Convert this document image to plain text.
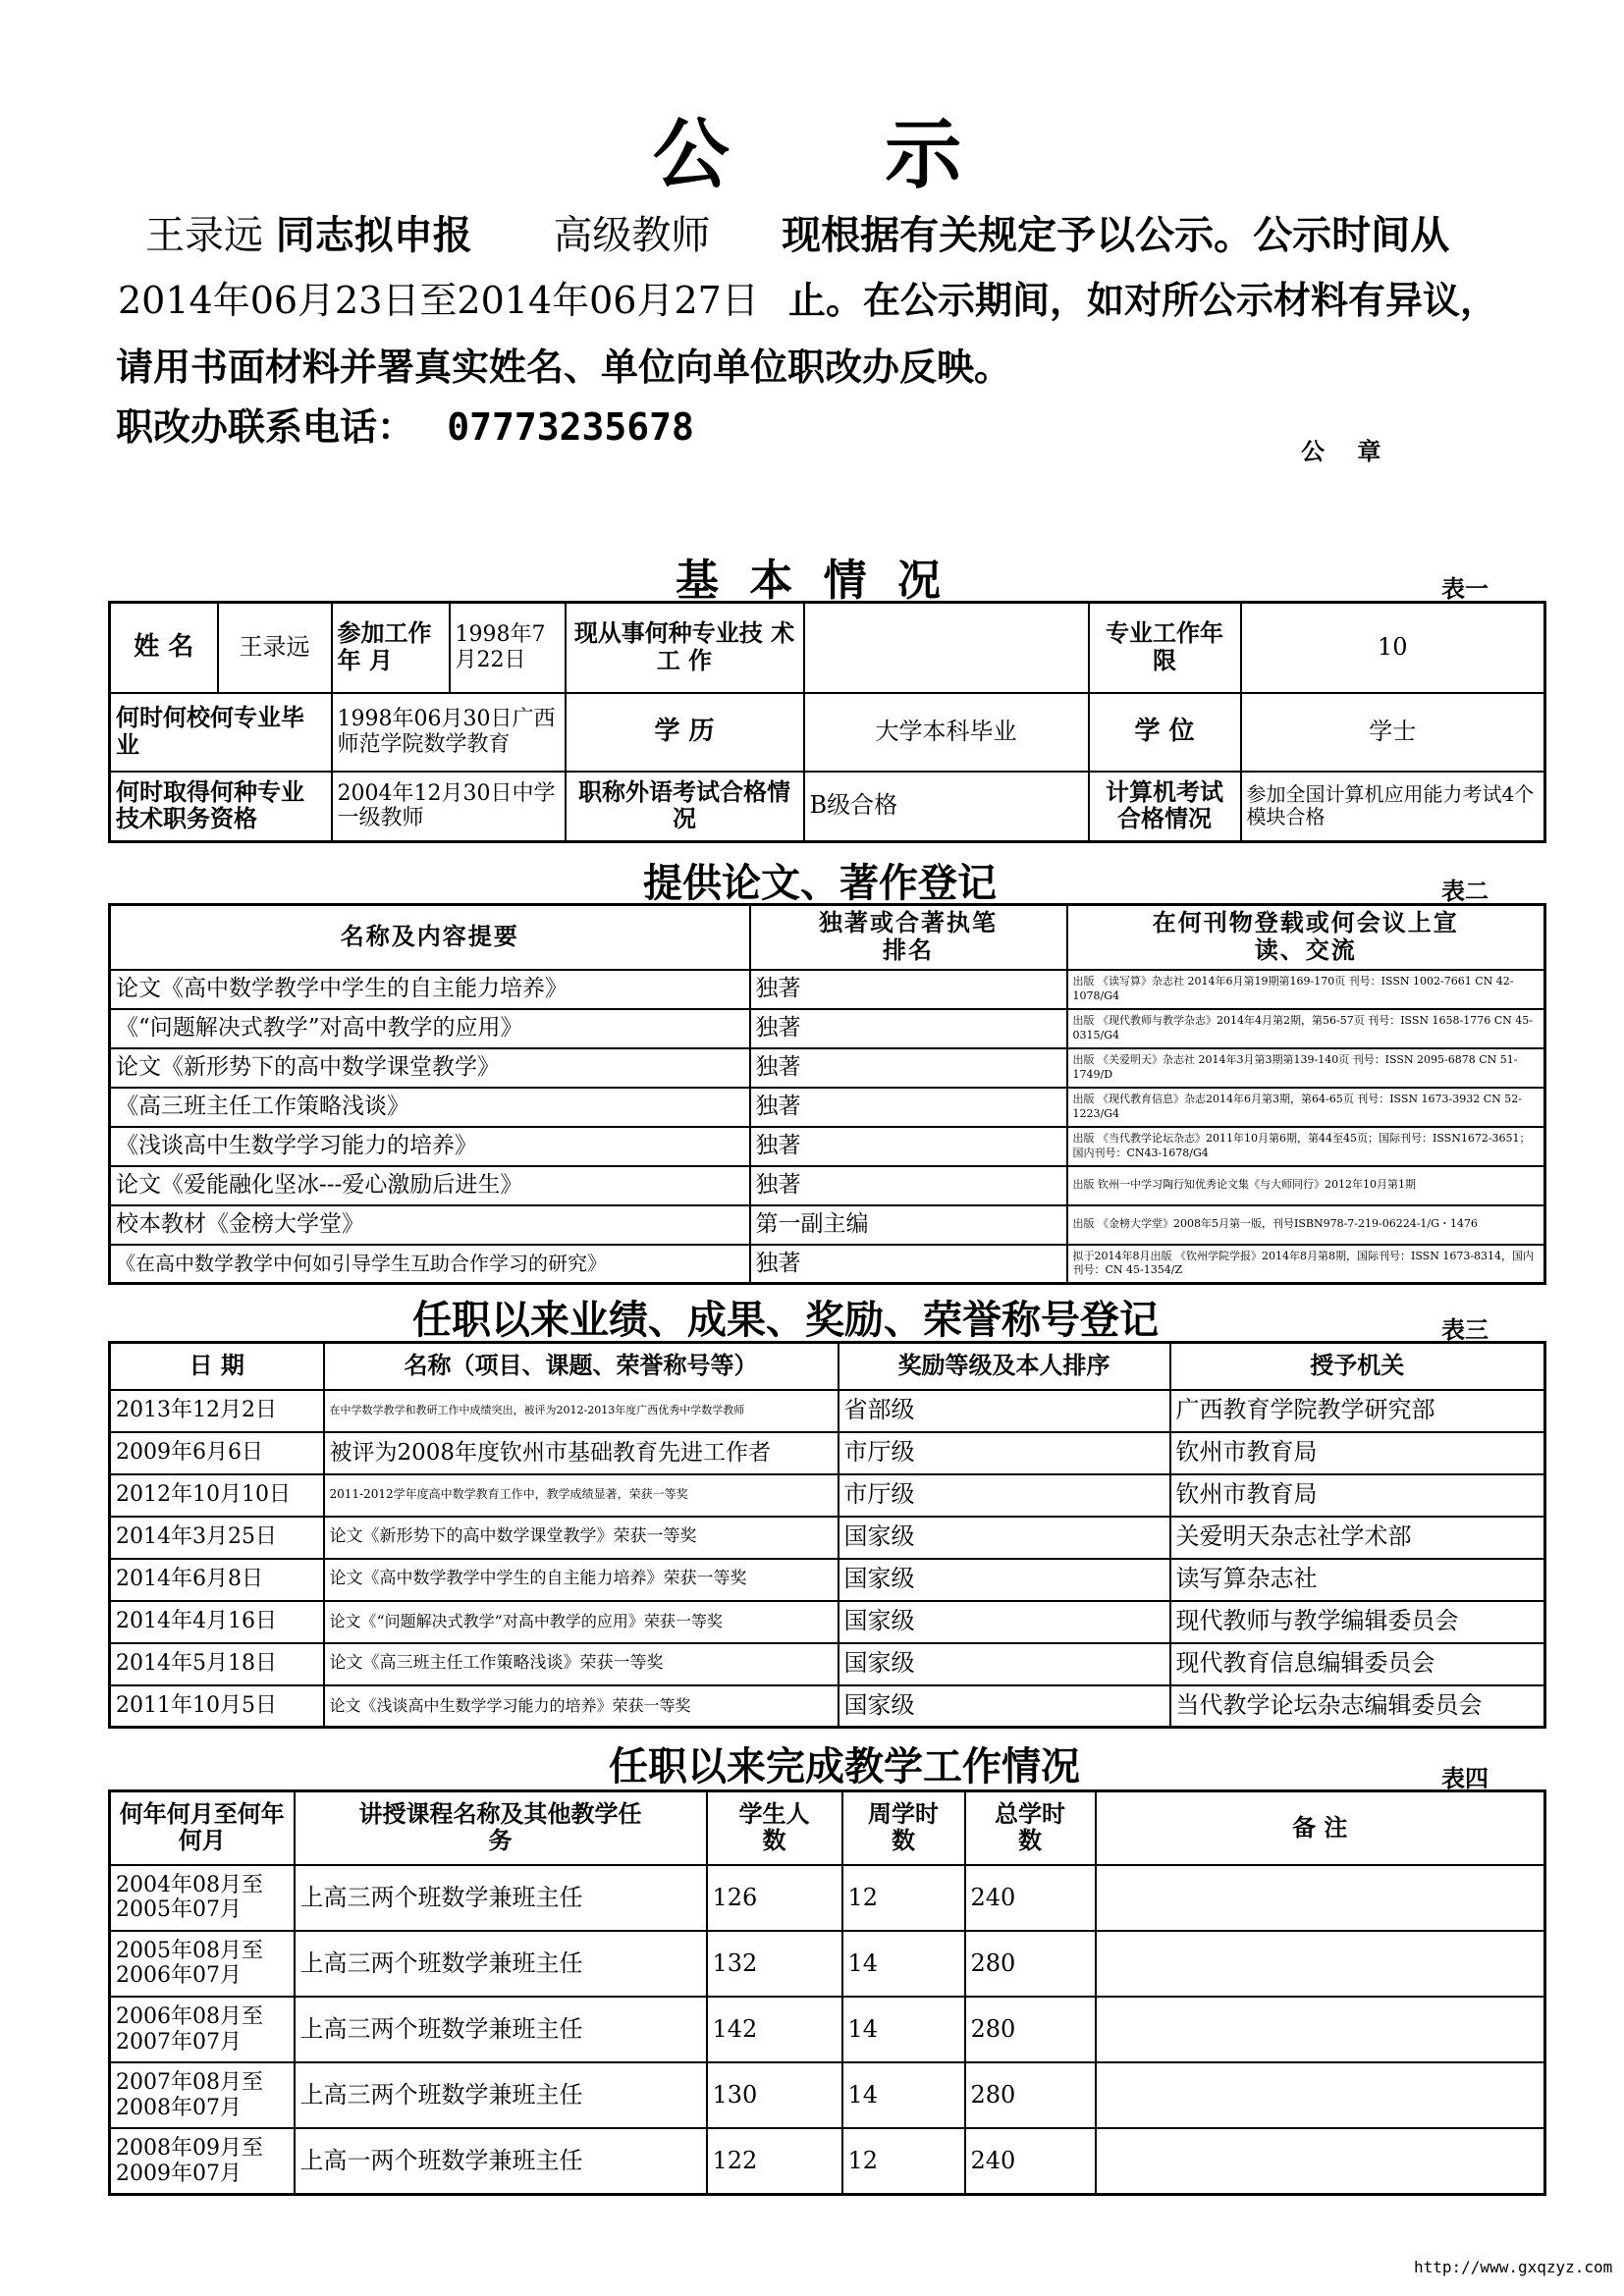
公    示
王录远 同志拟申报 高级教师 现根据有关规定予以公示。公示时间从
2014年06月23日至2014年06月27日 止。在公示期间，如对所公示材料有异议，
请用书面材料并署真实姓名、单位向单位职改办反映。
职改办联系电话： 07773235678
公    章
基 本 情 况	表一
姓 名	王录远	参加工作年 月	1998年7月22日	现从事何种专业技 术 工 作		专业工作年 限	10
何时何校何专业毕 业		1998年06月30日广西师范学院数学教育		学 历	大学本科毕业	学 位	学士
何时取得何种专业技术职务资格		2004年12月30日中学一级教师		职称外语考试合格情况	B级合格	计算机考试合格情况	参加全国计算机应用能力考试4个模块合格
提供论文、著作登记	表二
名称及内容提要	独著或合著执笔排名	在何刊物登载或何会议上宣读、交流
论文《高中数学教学中学生的自主能力培养》	独著	出版 《读写算》杂志社 2014年6月第19期第169-170页 刊号：ISSN 1002-7661 CN 42-1078/G4
《“问题解决式教学”对高中教学的应用》	独著	出版 《现代教师与教学杂志》2014年4月第2期，第56-57页 刊号：ISSN 1658-1776 CN 45-0315/G4
论文《新形势下的高中数学课堂教学》	独著	出版 《关爱明天》杂志社 2014年3月第3期第139-140页 刊号：ISSN 2095-6878 CN 51-1749/D
《高三班主任工作策略浅谈》	独著	出版 《现代教育信息》杂志2014年6月第3期，第64-65页 刊号：ISSN 1673-3932 CN 52-1223/G4
《浅谈高中生数学学习能力的培养》	独著	出版 《当代教学论坛杂志》2011年10月第6期，第44至45页；国际刊号：ISSN1672-3651；国内刊号：CN43-1678/G4
论文《爱能融化坚冰---爱心激励后进生》	独著	出版 钦州一中学习陶行知优秀论文集《与大师同行》2012年10月第1期
校本教材《金榜大学堂》	第一副主编	出版 《金榜大学堂》2008年5月第一版，刊号ISBN978-7-219-06224-1/G・1476
《在高中数学教学中何如引导学生互助合作学习的研究》	独著	拟于2014年8月出版 《钦州学院学报》2014年8月第8期，国际刊号：ISSN 1673-8314，国内刊号：CN 45-1354/Z
任职以来业绩、成果、奖励、荣誉称号登记	表三
日 期	名称（项目、课题、荣誉称号等）	奖励等级及本人排序	授予机关
2013年12月2日	在中学数学教学和教研工作中成绩突出，被评为2012-2013年度广西优秀中学数学教师	省部级	广西教育学院教学研究部
2009年6月6日	被评为2008年度钦州市基础教育先进工作者	市厅级	钦州市教育局
2012年10月10日	2011-2012学年度高中数学教育工作中，教学成绩显著，荣获一等奖	市厅级	钦州市教育局
2014年3月25日	论文《新形势下的高中数学课堂教学》荣获一等奖	国家级	关爱明天杂志社学术部
2014年6月8日	论文《高中数学教学中学生的自主能力培养》荣获一等奖	国家级	读写算杂志社
2014年4月16日	论文《“问题解决式教学”对高中教学的应用》荣获一等奖	国家级	现代教师与教学编辑委员会
2014年5月18日	论文《高三班主任工作策略浅谈》荣获一等奖	国家级	现代教育信息编辑委员会
2011年10月5日	论文《浅谈高中生数学学习能力的培养》荣获一等奖	国家级	当代教学论坛杂志编辑委员会
任职以来完成教学工作情况	表四
何年何月至何年何月	讲授课程名称及其他教学任务	学生人数	周学时数	总学时数	备 注
2004年08月至2005年07月	上高三两个班数学兼班主任	126	12	240	
2005年08月至2006年07月	上高三两个班数学兼班主任	132	14	280	
2006年08月至2007年07月	上高三两个班数学兼班主任	142	14	280	
2007年08月至2008年07月	上高三两个班数学兼班主任	130	14	280	
2008年09月至2009年07月	上高一两个班数学兼班主任	122	12	240	
http://www.gxqzyz.com
